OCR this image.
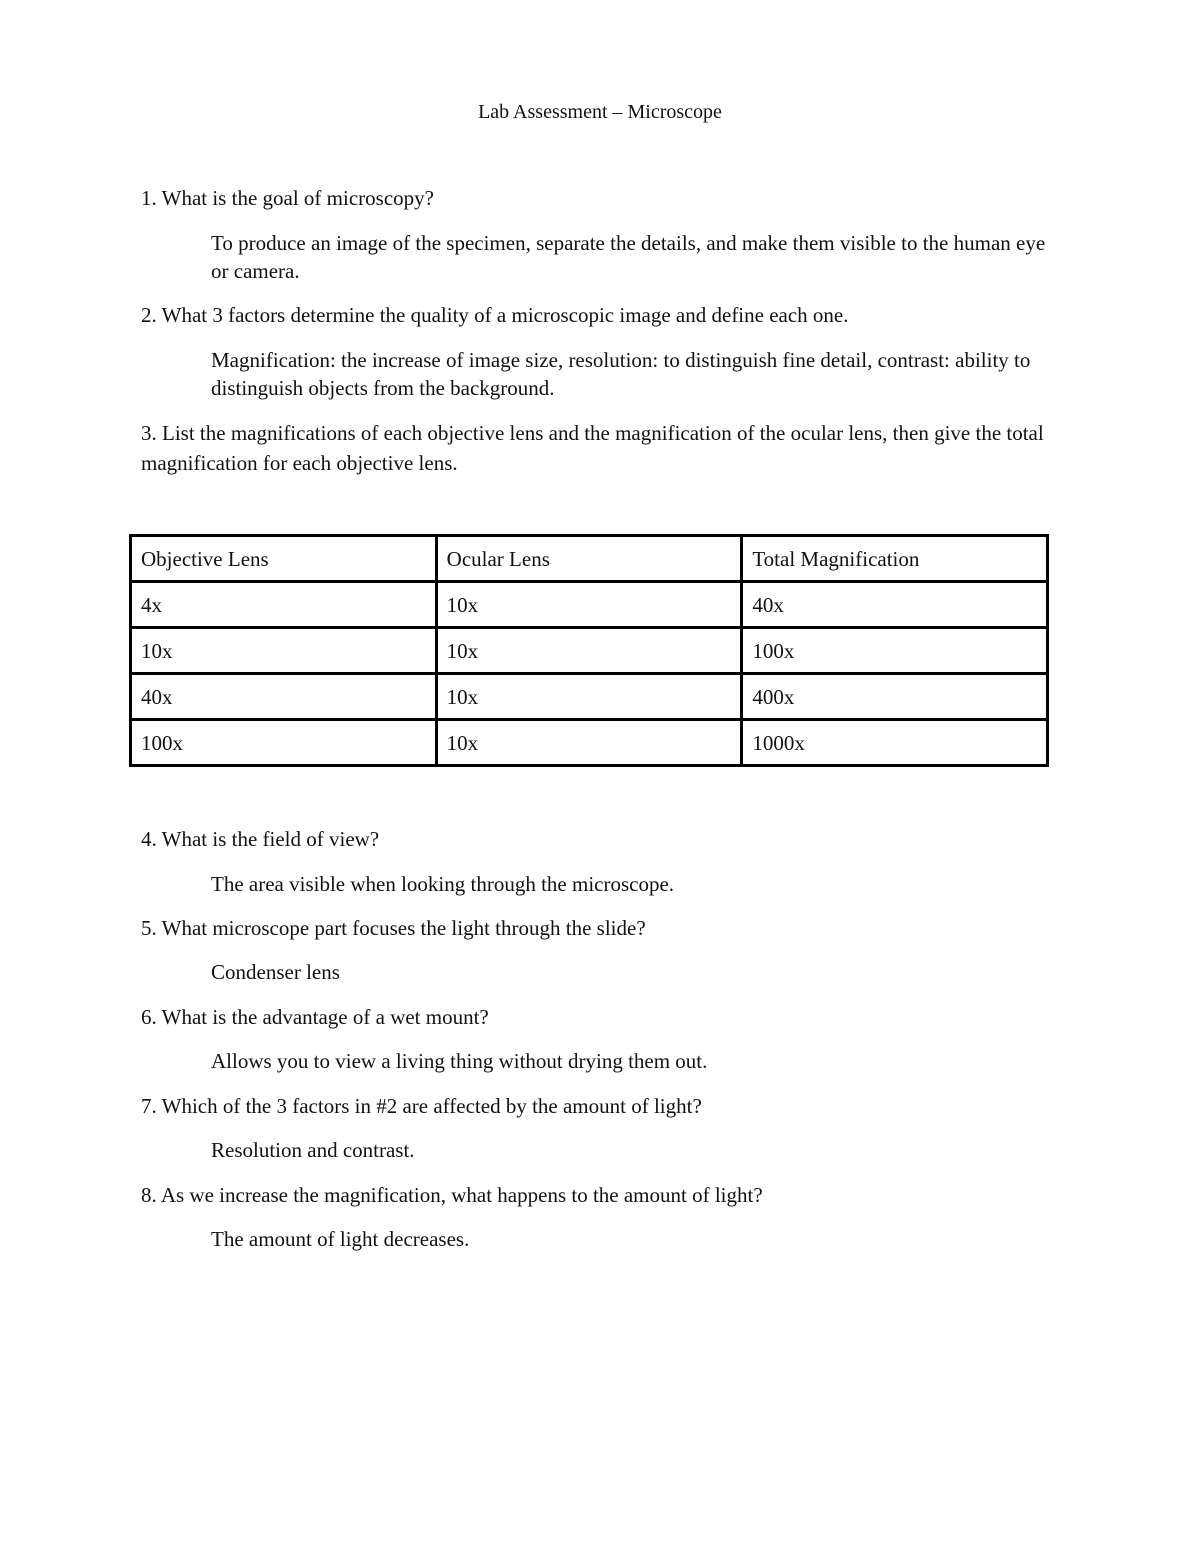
Lab Assessment – Microscope
1. What is the goal of microscopy?
To produce an image of the specimen, separate the details, and make them visible to the human eye or camera.
2. What 3 factors determine the quality of a microscopic image and define each one.
Magnification: the increase of image size, resolution: to distinguish fine detail, contrast: ability to distinguish objects from the background.
3. List the magnifications of each objective lens and the magnification of the ocular lens, then give the total magnification for each objective lens.
Objective Lens	Ocular Lens	Total Magnification
4x	10x	40x
10x	10x	100x
40x	10x	400x
100x	10x	1000x
4. What is the field of view?
The area visible when looking through the microscope.
5. What microscope part focuses the light through the slide?
Condenser lens
6. What is the advantage of a wet mount?
Allows you to view a living thing without drying them out.
7. Which of the 3 factors in #2 are affected by the amount of light?
Resolution and contrast.
8. As we increase the magnification, what happens to the amount of light?
The amount of light decreases.
